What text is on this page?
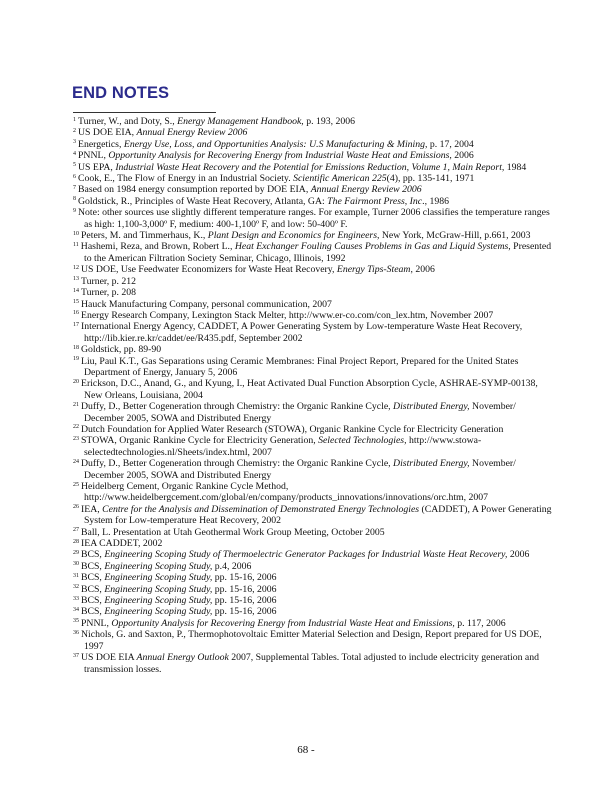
END NOTES
$^1$ Turner, W., and Doty, S., Energy Management Handbook, p. 193, 2006
$^2$ US DOE EIA, Annual Energy Review 2006
$^3$ Energetics, Energy Use, Loss, and Opportunities Analysis: U.S Manufacturing & Mining, p. 17, 2004
$^4$ PNNL, Opportunity Analysis for Recovering Energy from Industrial Waste Heat and Emissions, 2006
$^5$ US EPA, Industrial Waste Heat Recovery and the Potential for Emissions Reduction, Volume 1, Main Report, 1984
$^6$ Cook, E., The Flow of Energy in an Industrial Society. Scientific American 225(4), pp. 135-141, 1971
$^7$ Based on 1984 energy consumption reported by DOE EIA, Annual Energy Review 2006
$^8$ Goldstick, R., Principles of Waste Heat Recovery, Atlanta, GA: The Fairmont Press, Inc., 1986
$^9$ Note: other sources use slightly different temperature ranges. For example, Turner 2006 classifies the temperature ranges as high: 1,100-3,000º F, medium: 400-1,100º F, and low: 50-400º F.
$^{10}$ Peters, M. and Timmerhaus, K., Plant Design and Economics for Engineers, New York, McGraw-Hill, p.661, 2003
$^{11}$ Hashemi, Reza, and Brown, Robert L., Heat Exchanger Fouling Causes Problems in Gas and Liquid Systems, Presented to the American Filtration Society Seminar, Chicago, Illinois, 1992
$^{12}$ US DOE, Use Feedwater Economizers for Waste Heat Recovery, Energy Tips-Steam, 2006
$^{13}$ Turner, p. 212
$^{14}$ Turner, p. 208
$^{15}$ Hauck Manufacturing Company, personal communication, 2007
$^{16}$ Energy Research Company, Lexington Stack Melter, http://www.er-co.com/con_lex.htm, November 2007
$^{17}$ International Energy Agency, CADDET, A Power Generating System by Low-temperature Waste Heat Recovery, http://lib.kier.re.kr/caddet/ee/R435.pdf, September 2002
$^{18}$ Goldstick, pp. 89-90
$^{19}$ Liu, Paul K.T., Gas Separations using Ceramic Membranes: Final Project Report, Prepared for the United States Department of Energy, January 5, 2006
$^{20}$ Erickson, D.C., Anand, G., and Kyung, I., Heat Activated Dual Function Absorption Cycle, ASHRAE-SYMP-00138, New Orleans, Louisiana, 2004
$^{21}$ Duffy, D., Better Cogeneration through Chemistry: the Organic Rankine Cycle, Distributed Energy, November/ December 2005, SOWA and Distributed Energy
$^{22}$ Dutch Foundation for Applied Water Research (STOWA), Organic Rankine Cycle for Electricity Generation
$^{23}$ STOWA, Organic Rankine Cycle for Electricity Generation, Selected Technologies, http://www.stowa-selectedtechnologies.nl/Sheets/index.html, 2007
$^{24}$ Duffy, D., Better Cogeneration through Chemistry: the Organic Rankine Cycle, Distributed Energy, November/ December 2005, SOWA and Distributed Energy
$^{25}$ Heidelberg Cement, Organic Rankine Cycle Method, http://www.heidelbergcement.com/global/en/company/products_innovations/innovations/orc.htm, 2007
$^{26}$ IEA, Centre for the Analysis and Dissemination of Demonstrated Energy Technologies (CADDET), A Power Generating System for Low-temperature Heat Recovery, 2002
$^{27}$ Ball, L. Presentation at Utah Geothermal Work Group Meeting, October 2005
$^{28}$ IEA CADDET, 2002
$^{29}$ BCS, Engineering Scoping Study of Thermoelectric Generator Packages for Industrial Waste Heat Recovery, 2006
$^{30}$ BCS, Engineering Scoping Study, p.4, 2006
$^{31}$ BCS, Engineering Scoping Study, pp. 15-16, 2006
$^{32}$ BCS, Engineering Scoping Study, pp. 15-16, 2006
$^{33}$ BCS, Engineering Scoping Study, pp. 15-16, 2006
$^{34}$ BCS, Engineering Scoping Study, pp. 15-16, 2006
$^{35}$ PNNL, Opportunity Analysis for Recovering Energy from Industrial Waste Heat and Emissions, p. 117, 2006
$^{36}$ Nichols, G. and Saxton, P., Thermophotovoltaic Emitter Material Selection and Design, Report prepared for US DOE, 1997
$^{37}$ US DOE EIA Annual Energy Outlook 2007, Supplemental Tables. Total adjusted to include electricity generation and transmission losses.
68 -
